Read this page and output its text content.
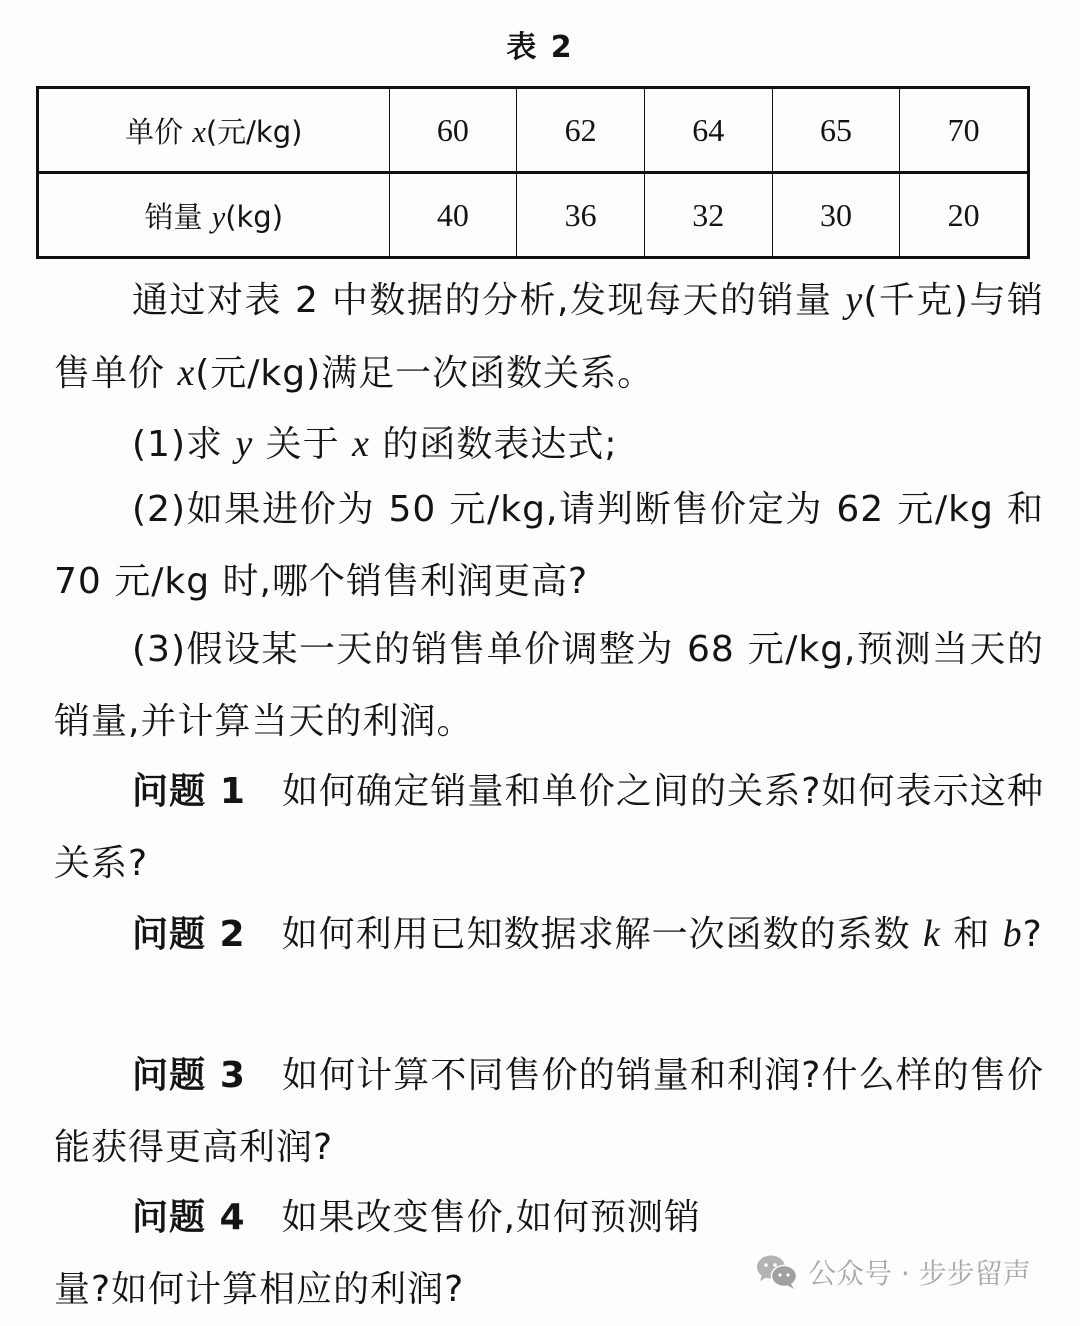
表 2
单价 x(元/kg)	60	62	64	65	70
销量 y(kg)	40	36	32	30	20
通过对表 2 中数据的分析,发现每天的销量 y(千克)与销售单价 x(元/kg)满足一次函数关系。
(1)求 y 关于 x 的函数表达式;
(2)如果进价为 50 元/kg,请判断售价定为 62 元/kg 和 70 元/kg 时,哪个销售利润更高?
(3)假设某一天的销售单价调整为 68 元/kg,预测当天的销量,并计算当天的利润。
问题 1 如何确定销量和单价之间的关系?如何表示这种关系?
问题 2 如何利用已知数据求解一次函数的系数 k 和 b?
问题 3 如何计算不同售价的销量和利润?什么样的售价能获得更高利润?
问题 4 如果改变售价,如何预测销量?如何计算相应的利润?	公众号 · 步步留声
